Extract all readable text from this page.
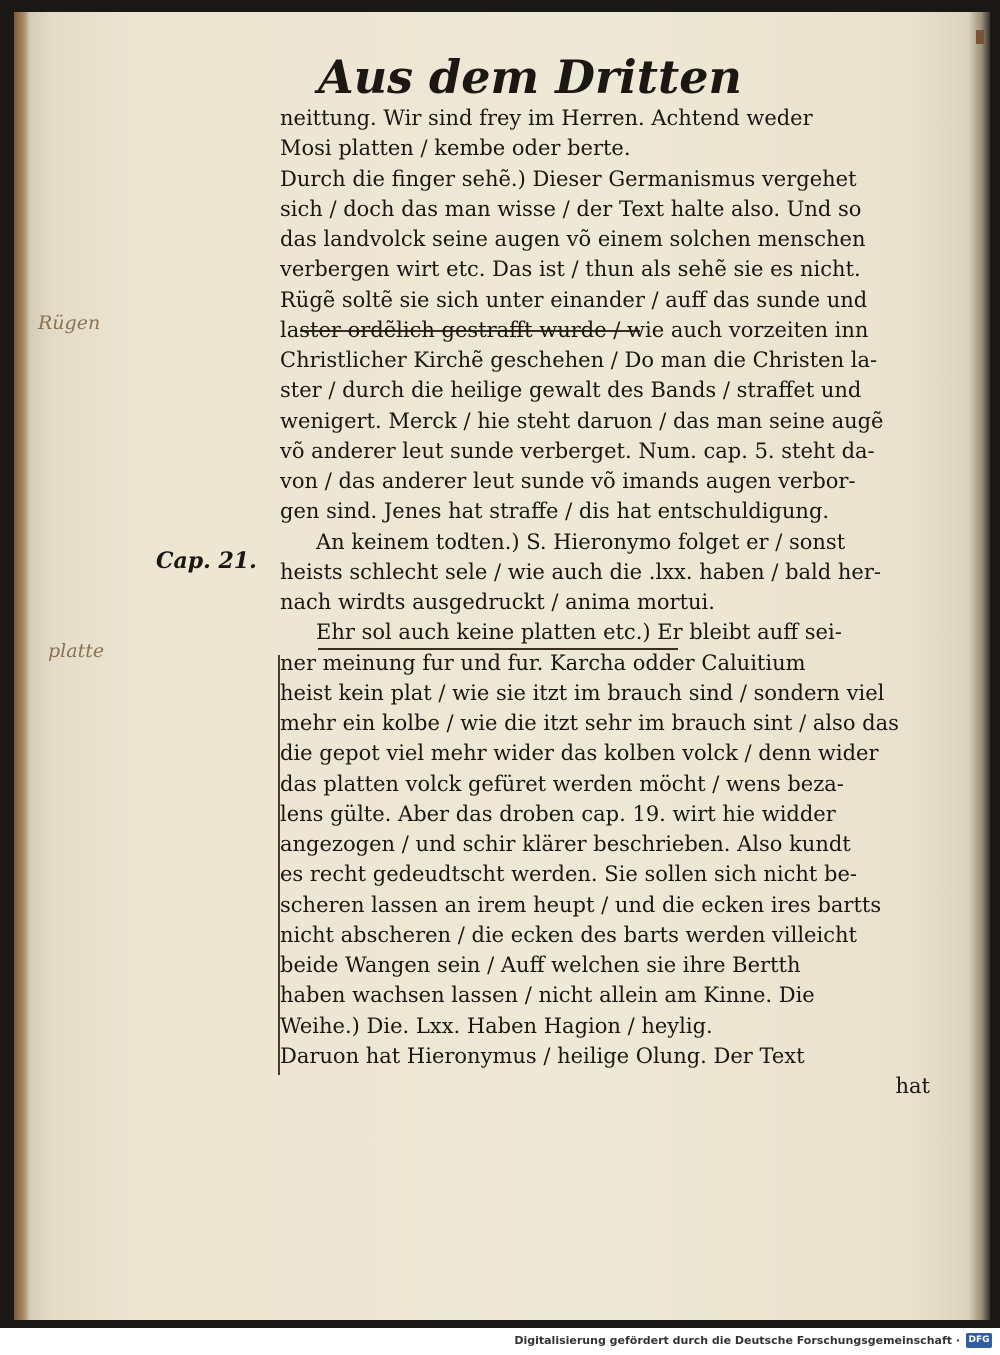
Aus dem Dritten
Rügen
Cap. 21.
platte
neittung. Wir sind frey im Herren. Achtend weder
Mosi platten / kembe oder berte.
Durch die finger sehẽ.) Dieser Germanismus vergehet
sich / doch das man wisse / der Text halte also. Und so
das landvolck seine augen võ einem solchen menschen
verbergen wirt etc. Das ist / thun als sehẽ sie es nicht.
Rügẽ soltẽ sie sich unter einander / auff das sunde und
laster ordẽlich gestrafft wurde / wie auch vorzeiten inn
Christlicher Kirchẽ geschehen / Do man die Christen la-
ster / durch die heilige gewalt des Bands / straffet und
wenigert. Merck / hie steht daruon / das man seine augẽ
võ anderer leut sunde verberget. Num. cap. 5. steht da-
von / das anderer leut sunde võ imands augen verbor-
gen sind. Jenes hat straffe / dis hat entschuldigung.
An keinem todten.) S. Hieronymo folget er / sonst
heists schlecht sele / wie auch die .lxx. haben / bald her-
nach wirdts ausgedruckt / anima mortui.
Ehr sol auch keine platten etc.) Er bleibt auff sei-
ner meinung fur und fur. Karcha odder Caluitium
heist kein plat / wie sie itzt im brauch sind / sondern viel
mehr ein kolbe / wie die itzt sehr im brauch sint / also das
die gepot viel mehr wider das kolben volck / denn wider
das platten volck gefüret werden möcht / wens beza-
lens gülte. Aber das droben cap. 19. wirt hie widder
angezogen / und schir klärer beschrieben. Also kundt
es recht gedeudtscht werden. Sie sollen sich nicht be-
scheren lassen an irem heupt / und die ecken ires bartts
nicht abscheren / die ecken des barts werden villeicht
beide Wangen sein / Auff welchen sie ihre Bertth
haben wachsen lassen / nicht allein am Kinne. Die
Weihe.) Die. Lxx. Haben Hagion / heylig.
Daruon hat Hieronymus / heilige Olung. Der Text
hat
Digitalisierung gefördert durch die Deutsche Forschungsgemeinschaft · DFG
